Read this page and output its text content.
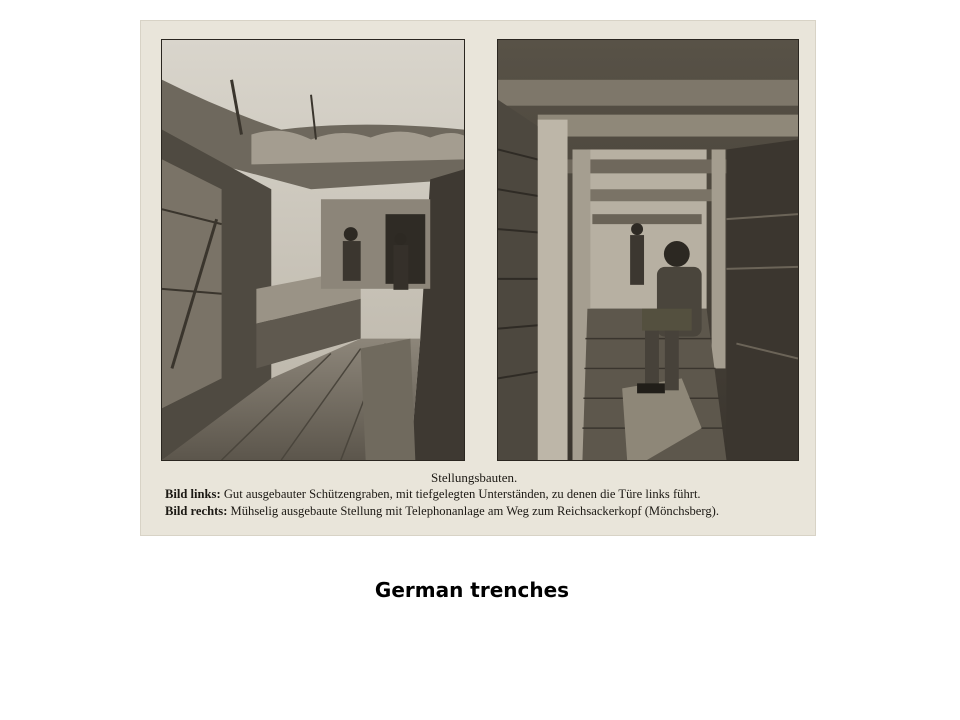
Stellungsbauten.
Bild links: Gut ausgebauter Schützengraben, mit tiefgelegten Unterständen, zu denen die Türe links führt.
Bild rechts: Mühselig ausgebaute Stellung mit Telephonanlage am Weg zum Reichsackerkopf (Mönchsberg).
German trenches
